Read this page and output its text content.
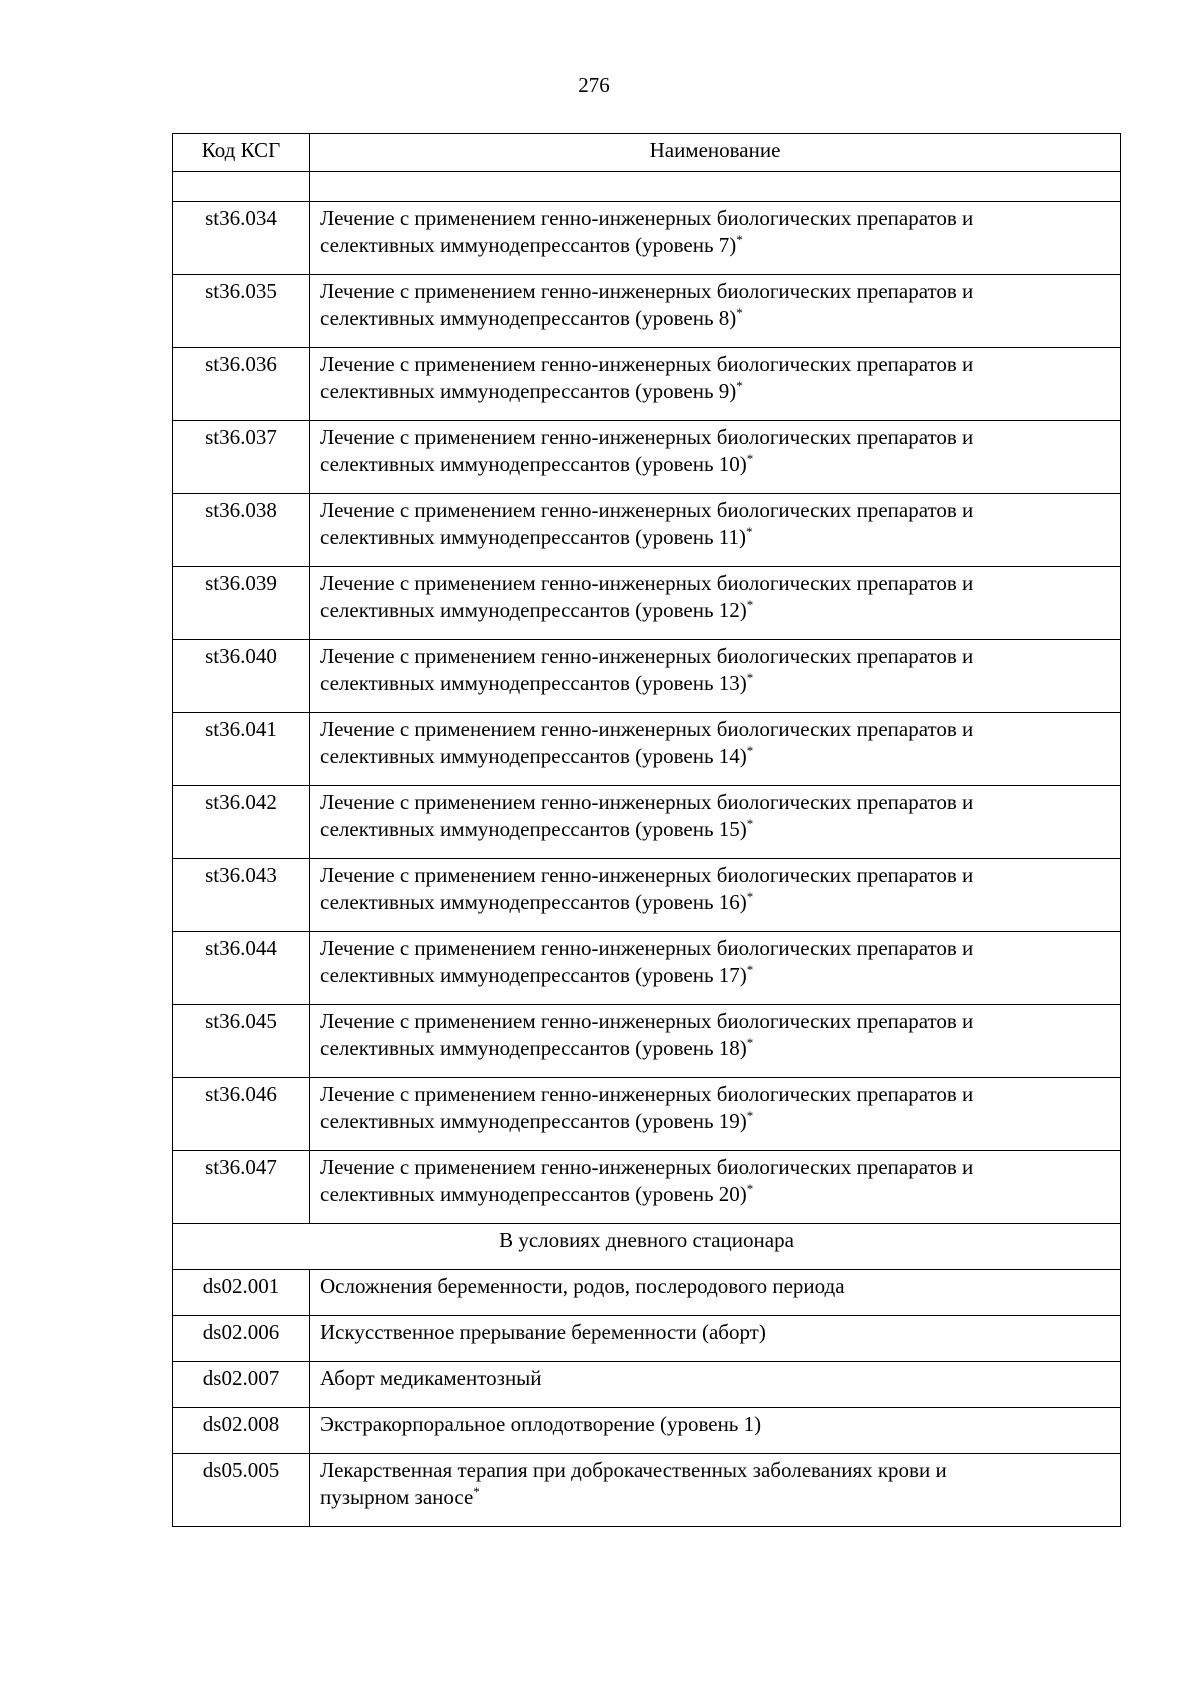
276
Код КСГ	Наименование

st36.034	Лечение с применением генно-инженерных биологических препаратов и
селективных иммунодепрессантов (уровень 7)*
st36.035	Лечение с применением генно-инженерных биологических препаратов и
селективных иммунодепрессантов (уровень 8)*
st36.036	Лечение с применением генно-инженерных биологических препаратов и
селективных иммунодепрессантов (уровень 9)*
st36.037	Лечение с применением генно-инженерных биологических препаратов и
селективных иммунодепрессантов (уровень 10)*
st36.038	Лечение с применением генно-инженерных биологических препаратов и
селективных иммунодепрессантов (уровень 11)*
st36.039	Лечение с применением генно-инженерных биологических препаратов и
селективных иммунодепрессантов (уровень 12)*
st36.040	Лечение с применением генно-инженерных биологических препаратов и
селективных иммунодепрессантов (уровень 13)*
st36.041	Лечение с применением генно-инженерных биологических препаратов и
селективных иммунодепрессантов (уровень 14)*
st36.042	Лечение с применением генно-инженерных биологических препаратов и
селективных иммунодепрессантов (уровень 15)*
st36.043	Лечение с применением генно-инженерных биологических препаратов и
селективных иммунодепрессантов (уровень 16)*
st36.044	Лечение с применением генно-инженерных биологических препаратов и
селективных иммунодепрессантов (уровень 17)*
st36.045	Лечение с применением генно-инженерных биологических препаратов и
селективных иммунодепрессантов (уровень 18)*
st36.046	Лечение с применением генно-инженерных биологических препаратов и
селективных иммунодепрессантов (уровень 19)*
st36.047	Лечение с применением генно-инженерных биологических препаратов и
селективных иммунодепрессантов (уровень 20)*
В условиях дневного стационара	
ds02.001	Осложнения беременности, родов, послеродового периода
ds02.006	Искусственное прерывание беременности (аборт)
ds02.007	Аборт медикаментозный
ds02.008	Экстракорпоральное оплодотворение (уровень 1)
ds05.005	Лекарственная терапия при доброкачественных заболеваниях крови и
пузырном заносе*
